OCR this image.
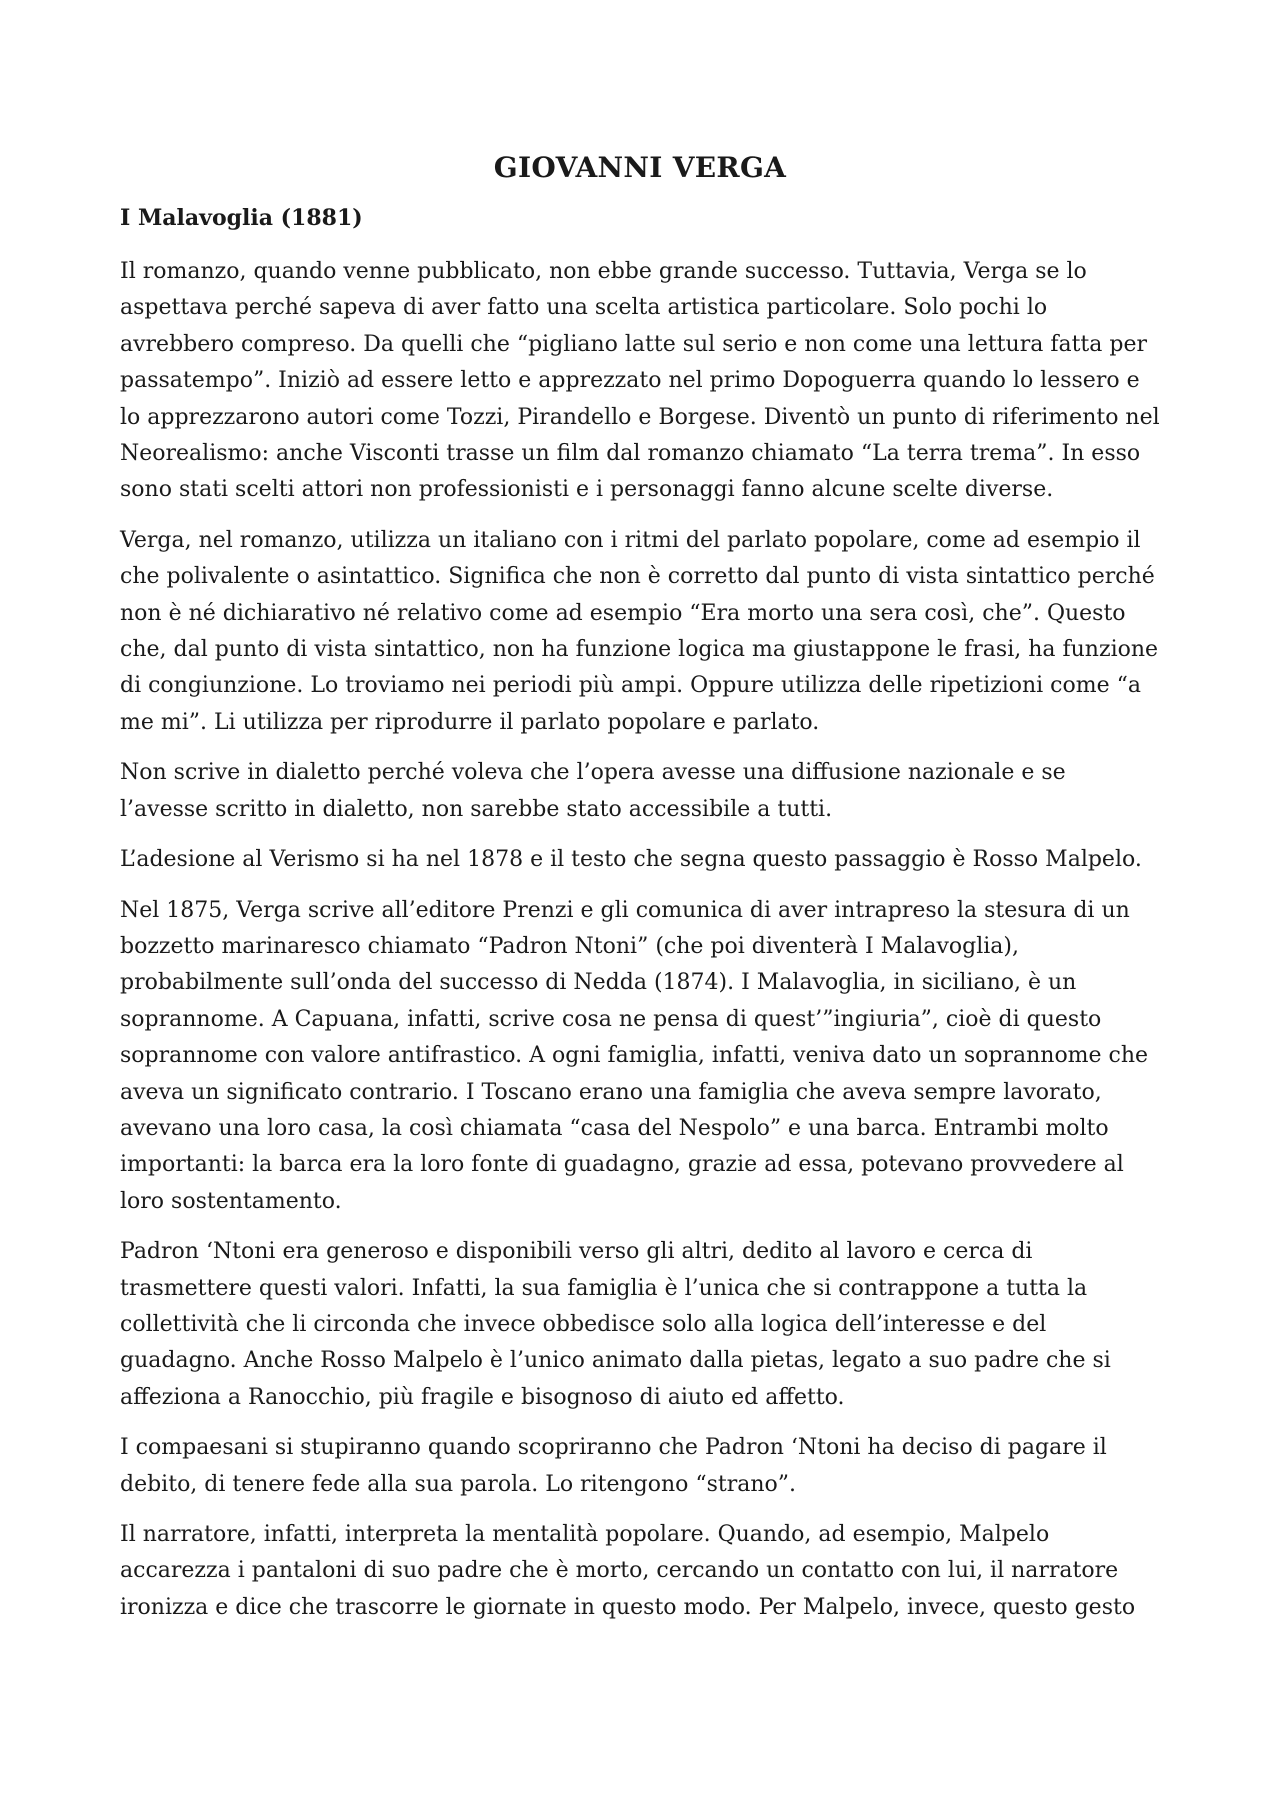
GIOVANNI VERGA
I Malavoglia (1881)

Il romanzo, quando venne pubblicato, non ebbe grande successo. Tuttavia, Verga se lo aspettava perché sapeva di aver fatto una scelta artistica particolare. Solo pochi lo avrebbero compreso. Da quelli che “pigliano latte sul serio e non come una lettura fatta per passatempo”. Iniziò ad essere letto e apprezzato nel primo Dopoguerra quando lo lessero e lo apprezzarono autori come Tozzi, Pirandello e Borgese. Diventò un punto di riferimento nel Neorealismo: anche Visconti trasse un film dal romanzo chiamato “La terra trema”. In esso sono stati scelti attori non professionisti e i personaggi fanno alcune scelte diverse.

Verga, nel romanzo, utilizza un italiano con i ritmi del parlato popolare, come ad esempio il che polivalente o asintattico. Significa che non è corretto dal punto di vista sintattico perché non è né dichiarativo né relativo come ad esempio “Era morto una sera così, che”. Questo che, dal punto di vista sintattico, non ha funzione logica ma giustappone le frasi, ha funzione di congiunzione. Lo troviamo nei periodi più ampi. Oppure utilizza delle ripetizioni come “a me mi”. Li utilizza per riprodurre il parlato popolare e parlato.

Non scrive in dialetto perché voleva che l’opera avesse una diffusione nazionale e se l’avesse scritto in dialetto, non sarebbe stato accessibile a tutti.

L’adesione al Verismo si ha nel 1878 e il testo che segna questo passaggio è Rosso Malpelo.

Nel 1875, Verga scrive all’editore Prenzi e gli comunica di aver intrapreso la stesura di un bozzetto marinaresco chiamato “Padron Ntoni” (che poi diventerà I Malavoglia), probabilmente sull’onda del successo di Nedda (1874). I Malavoglia, in siciliano, è un soprannome. A Capuana, infatti, scrive cosa ne pensa di quest’”ingiuria”, cioè di questo soprannome con valore antifrastico. A ogni famiglia, infatti, veniva dato un soprannome che aveva un significato contrario. I Toscano erano una famiglia che aveva sempre lavorato, avevano una loro casa, la così chiamata “casa del Nespolo” e una barca. Entrambi molto importanti: la barca era la loro fonte di guadagno, grazie ad essa, potevano provvedere al loro sostentamento.

Padron ‘Ntoni era generoso e disponibili verso gli altri, dedito al lavoro e cerca di trasmettere questi valori. Infatti, la sua famiglia è l’unica che si contrappone a tutta la collettività che li circonda che invece obbedisce solo alla logica dell’interesse e del guadagno. Anche Rosso Malpelo è l’unico animato dalla pietas, legato a suo padre che si affeziona a Ranocchio, più fragile e bisognoso di aiuto ed affetto.

I compaesani si stupiranno quando scopriranno che Padron ‘Ntoni ha deciso di pagare il debito, di tenere fede alla sua parola. Lo ritengono “strano”.

Il narratore, infatti, interpreta la mentalità popolare. Quando, ad esempio, Malpelo accarezza i pantaloni di suo padre che è morto, cercando un contatto con lui, il narratore ironizza e dice che trascorre le giornate in questo modo. Per Malpelo, invece, questo gesto
